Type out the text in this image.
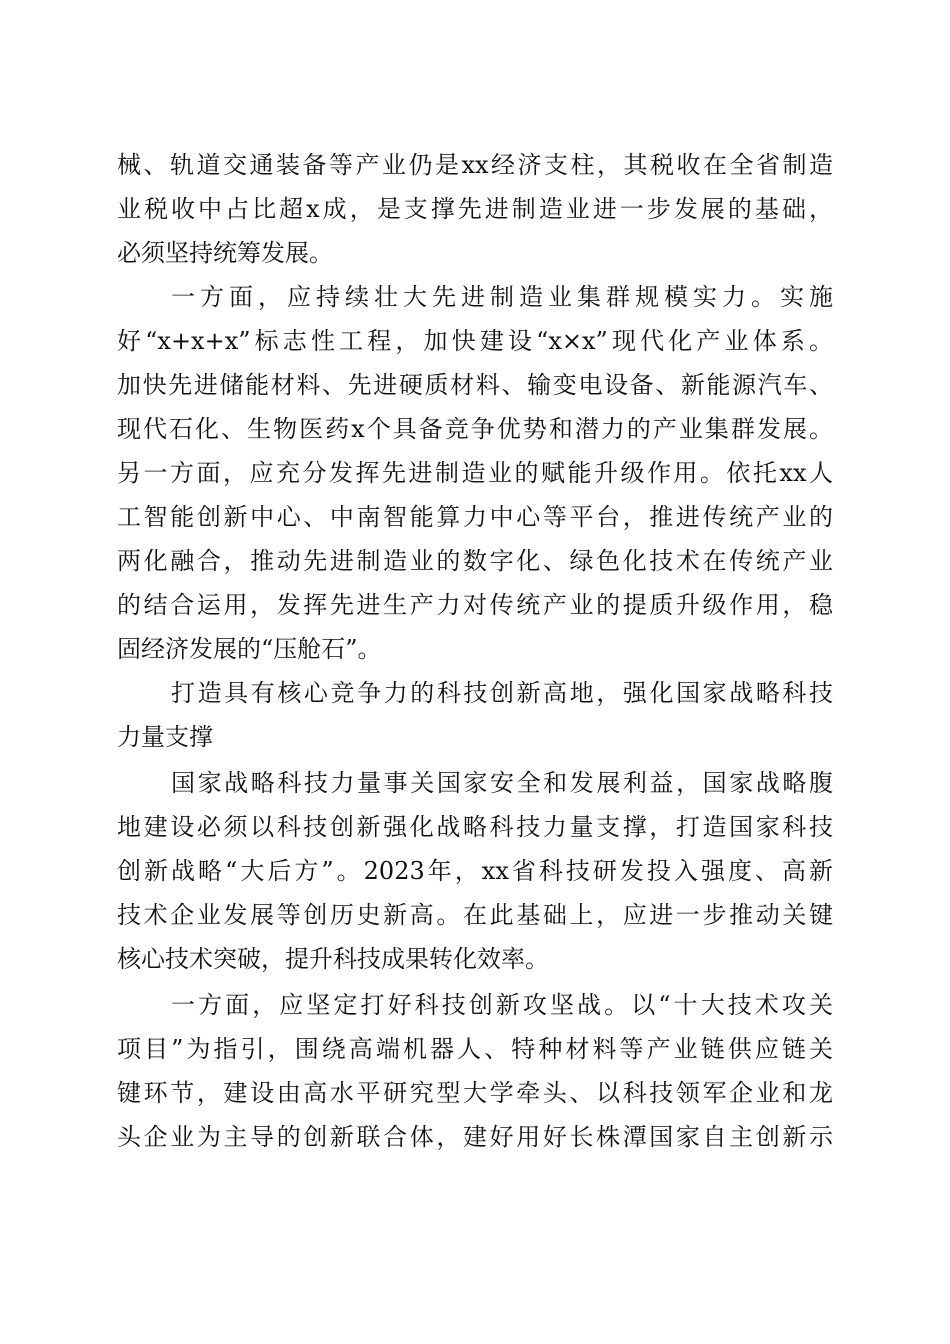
械、轨道交通装备等产业仍是xx经济支柱，其税收在全省制造
业税收中占比超x成，是支撑先进制造业进一步发展的基础，
必须坚持统筹发展。
一方面，应持续壮大先进制造业集群规模实力。实施
好“x+x+x”标志性工程，加快建设“x×x”现代化产业体系。
加快先进储能材料、先进硬质材料、输变电设备、新能源汽车、
现代石化、生物医药x个具备竞争优势和潜力的产业集群发展。
另一方面，应充分发挥先进制造业的赋能升级作用。依托xx人
工智能创新中心、中南智能算力中心等平台，推进传统产业的
两化融合，推动先进制造业的数字化、绿色化技术在传统产业
的结合运用，发挥先进生产力对传统产业的提质升级作用，稳
固经济发展的“压舱石”。
打造具有核心竞争力的科技创新高地，强化国家战略科技
力量支撑
国家战略科技力量事关国家安全和发展利益，国家战略腹
地建设必须以科技创新强化战略科技力量支撑，打造国家科技
创新战略“大后方”。2023年，xx省科技研发投入强度、高新
技术企业发展等创历史新高。在此基础上，应进一步推动关键
核心技术突破，提升科技成果转化效率。
一方面，应坚定打好科技创新攻坚战。以“十大技术攻关
项目”为指引，围绕高端机器人、特种材料等产业链供应链关
键环节，建设由高水平研究型大学牵头、以科技领军企业和龙
头企业为主导的创新联合体，建好用好长株潭国家自主创新示
